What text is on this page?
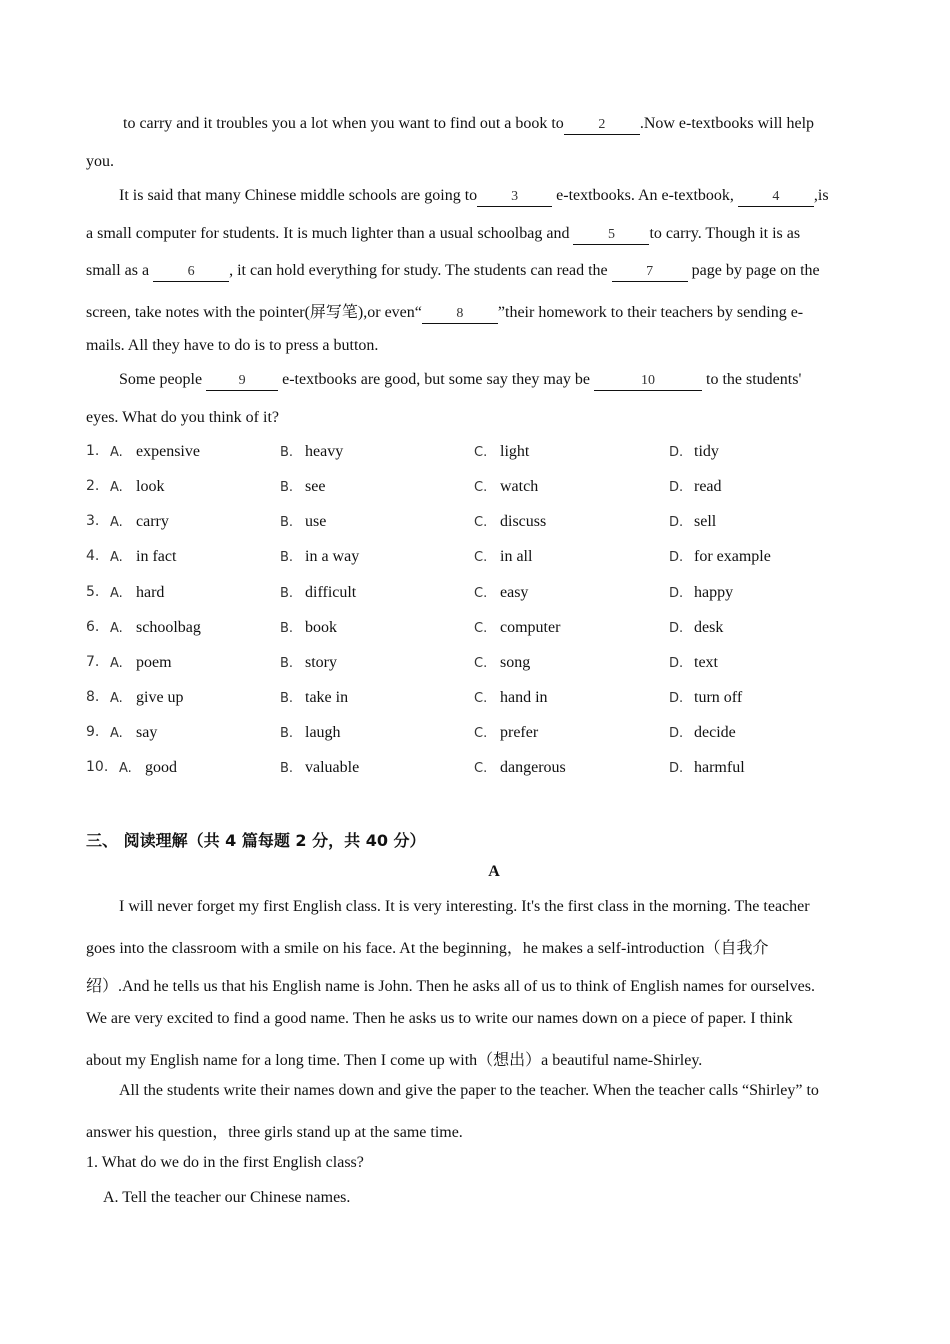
to carry and it troubles you a lot when you want to find out a book to 2 .Now e-textbooks will help
you.
It is said that many Chinese middle schools are going to 3 e-textbooks. An e-textbook,	4 ,is
a small computer for students. It is much lighter than a usual schoolbag and	5 to carry. Though it is as
small as a	6 , it can hold everything for study. The students can read the	7 page by page on the
screen, take notes with the pointer(屏写笔),or even“ 8 ”their homework to their teachers by sending e-
mails. All they have to do is to press a button.
Some people	9 e-textbooks are good, but some say they may be	10	to the students'
eyes. What do you think of it?
1. A. expensive	B. heavy	C. light	D. tidy
2. A. look	B. see	C. watch	D. read
3. A. carry	B. use	C. discuss	D. sell
4. A. in fact	B. in a way	C. in all	D. for example
5. A. hard	B. difficult	C. easy	D. happy
6. A. schoolbag	B. book	C. computer	D. desk
7. A. poem	B. story	C. song	D. text
8. A. give up	B. take in	C. hand in	D. turn off
9. A. say	B. laugh	C. prefer	D. decide
10. A. good	B. valuable	C. dangerous	D. harmful
三、 阅读理解（共 4 篇每题 2 分，共 40 分）
A
I will never forget my first English class. It is very interesting. It's the first class in the morning. The teacher
goes into the classroom with a smile on his face. At the beginning，he makes a self-introduction（自我介
绍）.And he tells us that his English name is John. Then he asks all of us to think of English names for ourselves.
We are very excited to find a good name. Then he asks us to write our names down on a piece of paper. I think
about my English name for a long time. Then I come up with（想出）a beautiful name-Shirley.
All the students write their names down and give the paper to the teacher. When the teacher calls “Shirley” to
answer his question，three girls stand up at the same time.
1. What do we do in the first English class?
A. Tell the teacher our Chinese names.
